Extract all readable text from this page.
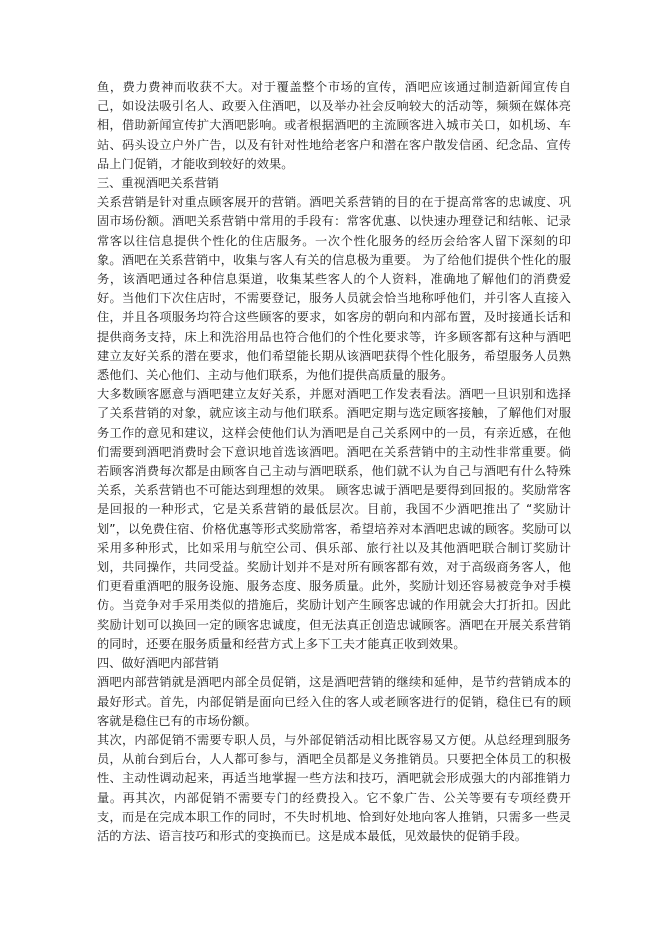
鱼，费力费神而收获不大。对于覆盖整个市场的宣传，酒吧应该通过制造新闻宣传自己，如设法吸引名人、政要入住酒吧，以及举办社会反响较大的活动等，频频在媒体亮相，借助新闻宣传扩大酒吧影响。或者根据酒吧的主流顾客进入城市关口，如机场、车站、码头设立户外广告，以及有针对性地给老客户和潜在客户散发信函、纪念品、宣传品上门促销，才能收到较好的效果。

三、重视酒吧关系营销

关系营销是针对重点顾客展开的营销。酒吧关系营销的目的在于提高常客的忠诚度、巩固市场份额。酒吧关系营销中常用的手段有：常客优惠、以快速办理登记和结帐、记录常客以往信息提供个性化的住店服务。一次个性化服务的经历会给客人留下深刻的印象。酒吧在关系营销中，收集与客人有关的信息极为重要。 为了给他们提供个性化的服务，该酒吧通过各种信息渠道，收集某些客人的个人资料，准确地了解他们的消费爱好。当他们下次住店时，不需要登记，服务人员就会恰当地称呼他们，并引客人直接入住，并且各项服务均符合这些顾客的要求，如客房的朝向和内部布置，及时接通长话和提供商务支持，床上和洗浴用品也符合他们的个性化要求等，许多顾客都有这种与酒吧建立友好关系的潜在要求，他们希望能长期从该酒吧获得个性化服务，希望服务人员熟悉他们、关心他们、主动与他们联系，为他们提供高质量的服务。

大多数顾客愿意与酒吧建立友好关系，并愿对酒吧工作发表看法。酒吧一旦识别和选择了关系营销的对象，就应该主动与他们联系。酒吧定期与选定顾客接触，了解他们对服务工作的意见和建议，这样会使他们认为酒吧是自己关系网中的一员，有亲近感，在他们需要到酒吧消费时会下意识地首选该酒吧。酒吧在关系营销中的主动性非常重要。倘若顾客消费每次都是由顾客自己主动与酒吧联系，他们就不认为自己与酒吧有什么特殊关系，关系营销也不可能达到理想的效果。 顾客忠诚于酒吧是要得到回报的。奖励常客是回报的一种形式，它是关系营销的最低层次。目前，我国不少酒吧推出了 “奖励计划”，以免费住宿、价格优惠等形式奖励常客，希望培养对本酒吧忠诚的顾客。奖励可以采用多种形式，比如采用与航空公司、俱乐部、旅行社以及其他酒吧联合制订奖励计划，共同操作，共同受益。奖励计划并不是对所有顾客都有效，对于高级商务客人，他们更看重酒吧的服务设施、服务态度、服务质量。此外，奖励计划还容易被竞争对手模仿。当竞争对手采用类似的措施后，奖励计划产生顾客忠诚的作用就会大打折扣。因此奖励计划可以换回一定的顾客忠诚度，但无法真正创造忠诚顾客。酒吧在开展关系营销的同时，还要在服务质量和经营方式上多下工夫才能真正收到效果。

四、做好酒吧内部营销

酒吧内部营销就是酒吧内部全员促销，这是酒吧营销的继续和延伸，是节约营销成本的最好形式。首先，内部促销是面向已经入住的客人或老顾客进行的促销，稳住已有的顾客就是稳住已有的市场份额。

其次，内部促销不需要专职人员，与外部促销活动相比既容易又方便。从总经理到服务员，从前台到后台，人人都可参与，酒吧全员都是义务推销员。只要把全体员工的积极性、主动性调动起来，再适当地掌握一些方法和技巧，酒吧就会形成强大的内部推销力量。再其次，内部促销不需要专门的经费投入。它不象广告、公关等要有专项经费开支，而是在完成本职工作的同时，不失时机地、恰到好处地向客人推销，只需多一些灵活的方法、语言技巧和形式的变换而已。这是成本最低，见效最快的促销手段。
